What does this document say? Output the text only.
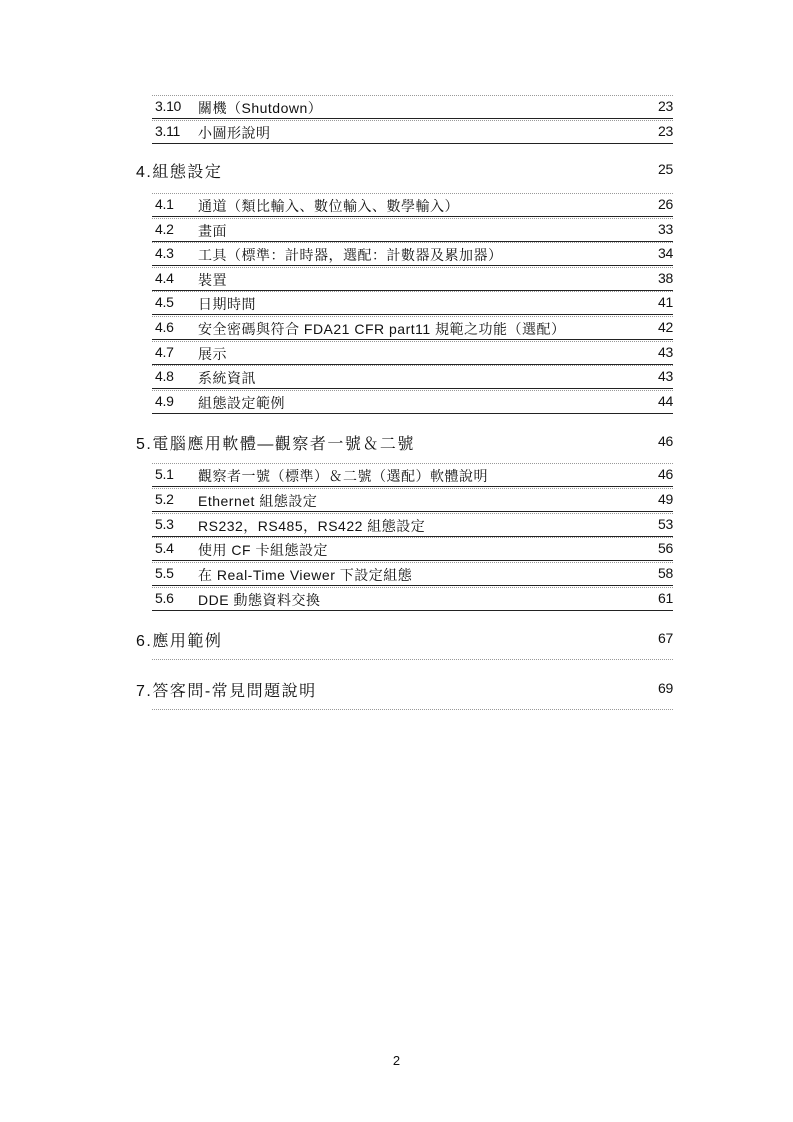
3.10 關機（Shutdown）	23
3.11 小圖形說明	23
4.組態設定	25
4.1 通道（類比輸入、數位輸入、數學輸入）	26
4.2 畫面	33
4.3 工具（標準：計時器，選配：計數器及累加器）	34
4.4 裝置	38
4.5 日期時間	41
4.6 安全密碼與符合 FDA21 CFR part11 規範之功能（選配）	42
4.7 展示	43
4.8 系統資訊	43
4.9 組態設定範例	44
5.電腦應用軟體—觀察者一號＆二號	46
5.1 觀察者一號（標準）＆二號（選配）軟體說明	46
5.2 Ethernet 組態設定	49
5.3 RS232，RS485，RS422 組態設定	53
5.4 使用 CF 卡組態設定	56
5.5 在 Real-Time Viewer 下設定組態	58
5.6 DDE 動態資料交換	61
6.應用範例	67
7.答客問-常見問題說明	69
2
